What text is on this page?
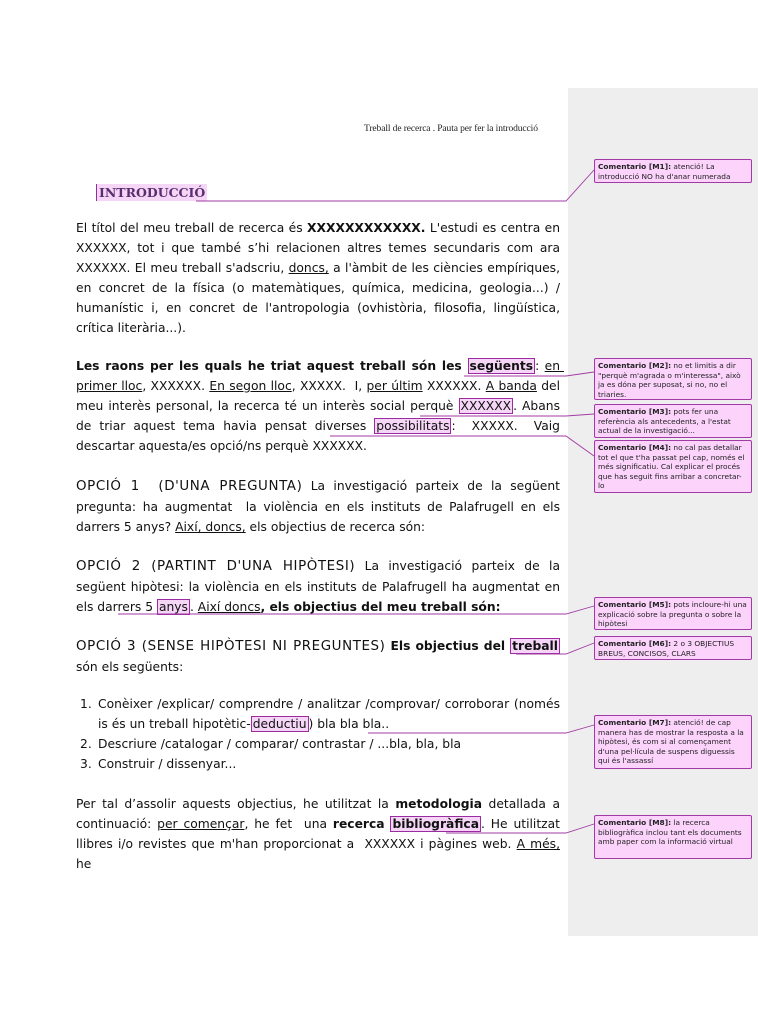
Treball de recerca . Pauta per fer la introducció
INTRODUCCIÓ
El títol del meu treball de recerca és XXXXXXXXXXXX. L'estudi es centra en XXXXXX, tot i que també s’hi relacionen altres temes secundaris com ara XXXXXX. El meu treball s'adscriu, doncs, a l'àmbit de les ciències empíriques, en concret de la física (o matemàtiques, química, medicina, geologia...) / humanístic i, en concret de l'antropologia (ovhistòria, filosofia, lingüística, crítica literària...).
Les raons per les quals he triat aquest treball són les següents : en primer lloc, XXXXXX. En segon lloc, XXXXX.  I, per últim XXXXXX. A banda del meu interès personal, la recerca té un interès social perquè XXXXXX . Abans de triar aquest tema havia pensat diverses possibilitats :  XXXXX.  Vaig descartar aquesta/es opció/ns perquè XXXXXX.
OPCIÓ 1  (D'UNA PREGUNTA) La investigació parteix de la següent pregunta: ha augmentat  la violència en els instituts de Palafrugell en els darrers 5 anys? Així, doncs, els objectius de recerca són:
OPCIÓ 2 (PARTINT D'UNA HIPÒTESI) La investigació parteix de la següent hipòtesi: la violència en els instituts de Palafrugell ha augmentat en els darrers 5 anys . Així doncs, els objectius del meu treball són:
OPCIÓ 3 (SENSE HIPÒTESI NI PREGUNTES) Els objectius del treball són els següents:
1. Conèixer /explicar/ comprendre / analitzar /comprovar/ corroborar (només is és un treball hipotètic- deductiu ) bla bla bla..
2. Descriure /catalogar / comparar/ contrastar / ...bla, bla, bla
3. Construir / dissenyar...
Per tal d’assolir aquests objectius, he utilitzat la metodologia detallada a continuació: per començar, he fet  una recerca bibliogràfica . He utilitzat llibres i/o revistes que m'han proporcionat a  XXXXXX i pàgines web. A més, he
Comentario [M1]: atenció! La introducció NO ha d'anar numerada
Comentario [M2]: no et limitis a dir "perquè m'agrada o m'interessa", això ja es dóna per suposat, si no, no el triaries.
Comentario [M3]: pots fer una referència als antecedents, a l'estat actual de la investigació...
Comentario [M4]: no cal pas detallar tot el que t'ha passat pel cap, només el més significatiu. Cal explicar el procés que has seguit fins arribar a concretar-lo
Comentario [M5]: pots incloure-hi una explicació sobre la pregunta o sobre la hipòtesi
Comentario [M6]: 2 o 3 OBJECTIUS BREUS, CONCISOS, CLARS
Comentario [M7]: atenció! de cap manera has de mostrar la resposta a la hipòtesi, és com si al començament d'una pel·lícula de suspens diguessis qui és l'assassí
Comentario [M8]: la recerca bibliogràfica inclou tant els documents amb paper com la informació virtual
